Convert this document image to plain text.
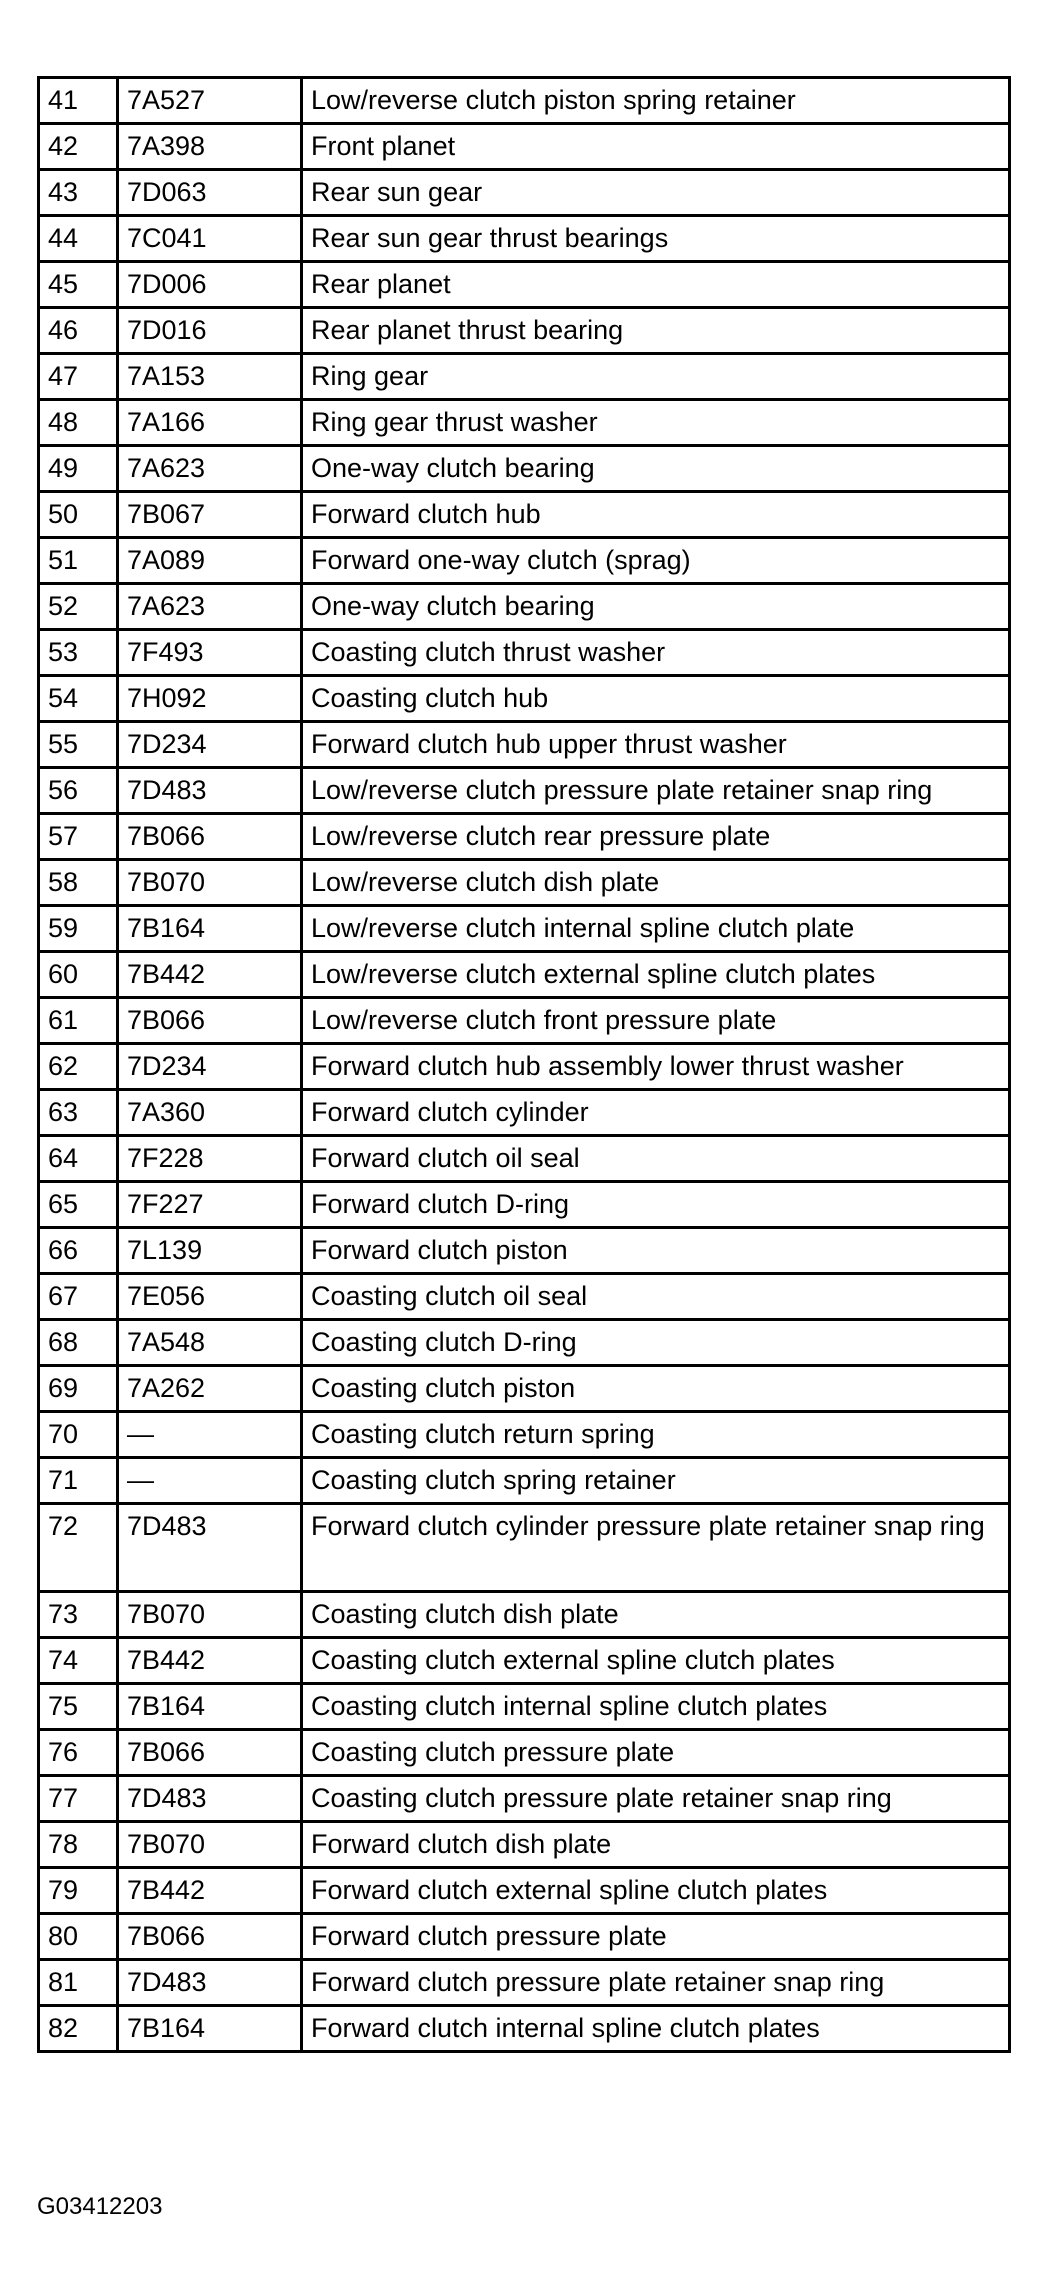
41	7A527	Low/reverse clutch piston spring retainer
42	7A398	Front planet
43	7D063	Rear sun gear
44	7C041	Rear sun gear thrust bearings
45	7D006	Rear planet
46	7D016	Rear planet thrust bearing
47	7A153	Ring gear
48	7A166	Ring gear thrust washer
49	7A623	One-way clutch bearing
50	7B067	Forward clutch hub
51	7A089	Forward one-way clutch (sprag)
52	7A623	One-way clutch bearing
53	7F493	Coasting clutch thrust washer
54	7H092	Coasting clutch hub
55	7D234	Forward clutch hub upper thrust washer
56	7D483	Low/reverse clutch pressure plate retainer snap ring
57	7B066	Low/reverse clutch rear pressure plate
58	7B070	Low/reverse clutch dish plate
59	7B164	Low/reverse clutch internal spline clutch plate
60	7B442	Low/reverse clutch external spline clutch plates
61	7B066	Low/reverse clutch front pressure plate
62	7D234	Forward clutch hub assembly lower thrust washer
63	7A360	Forward clutch cylinder
64	7F228	Forward clutch oil seal
65	7F227	Forward clutch D-ring
66	7L139	Forward clutch piston
67	7E056	Coasting clutch oil seal
68	7A548	Coasting clutch D-ring
69	7A262	Coasting clutch piston
70	—	Coasting clutch return spring
71	—	Coasting clutch spring retainer
72	7D483	Forward clutch cylinder pressure plate retainer snap ring
73	7B070	Coasting clutch dish plate
74	7B442	Coasting clutch external spline clutch plates
75	7B164	Coasting clutch internal spline clutch plates
76	7B066	Coasting clutch pressure plate
77	7D483	Coasting clutch pressure plate retainer snap ring
78	7B070	Forward clutch dish plate
79	7B442	Forward clutch external spline clutch plates
80	7B066	Forward clutch pressure plate
81	7D483	Forward clutch pressure plate retainer snap ring
82	7B164	Forward clutch internal spline clutch plates
G03412203
